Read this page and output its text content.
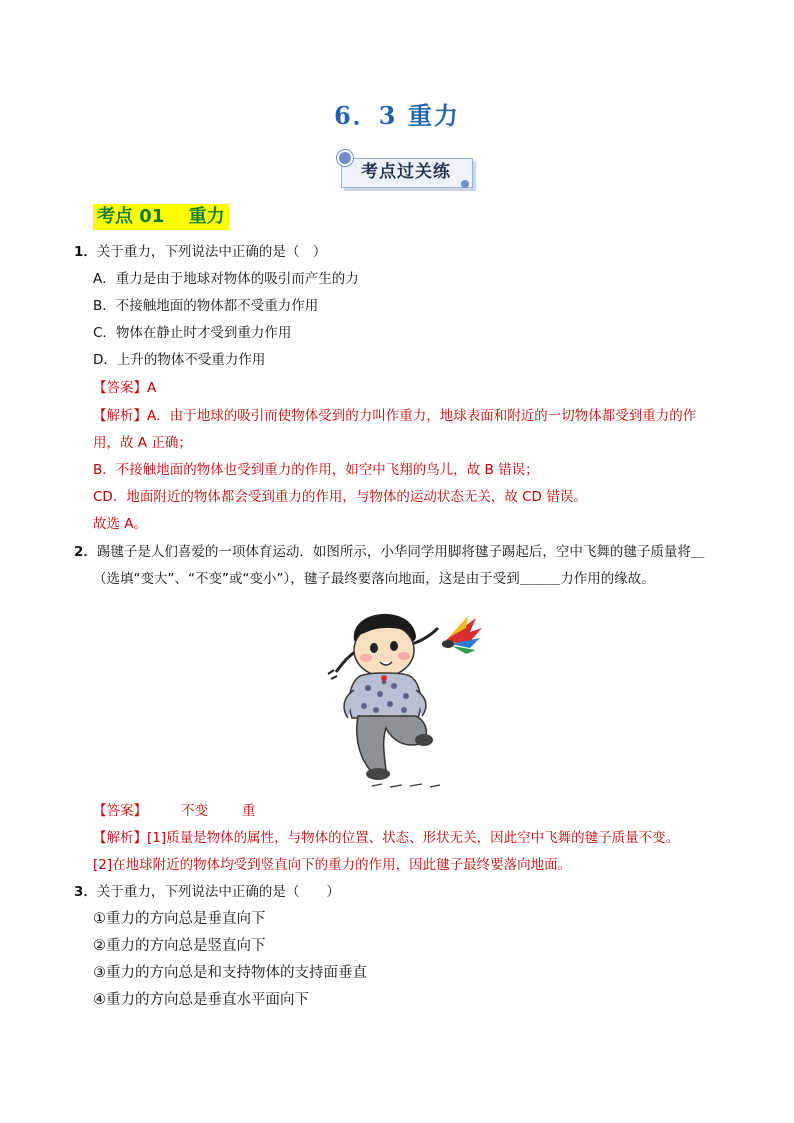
6．3 重力
考点过关练
考点 01　 重力
1．关于重力，下列说法中正确的是（　）
A．重力是由于地球对物体的吸引而产生的力
B．不接触地面的物体都不受重力作用
C．物体在静止时才受到重力作用
D．上升的物体不受重力作用
【答案】A
【解析】A．由于地球的吸引而使物体受到的力叫作重力，地球表面和附近的一切物体都受到重力的作
用，故 A 正确；
B．不接触地面的物体也受到重力的作用，如空中飞翔的鸟儿，故 B 错误；
CD．地面附近的物体都会受到重力的作用，与物体的运动状态无关，故 CD 错误。
故选 A。
2．踢毽子是人们喜爱的一项体育运动．如图所示，小华同学用脚将毽子踢起后，空中飞舞的毽子质量将＿
（选填“变大”、“不变”或“变小”），毽子最终要落向地面，这是由于受到＿＿＿力作用的缘故。
【答案】	不变	重
【解析】[1]质量是物体的属性，与物体的位置、状态、形状无关，因此空中飞舞的毽子质量不变。
[2]在地球附近的物体均受到竖直向下的重力的作用，因此毽子最终要落向地面。
3．关于重力，下列说法中正确的是（　　）
①重力的方向总是垂直向下
②重力的方向总是竖直向下
③重力的方向总是和支持物体的支持面垂直
④重力的方向总是垂直水平面向下
